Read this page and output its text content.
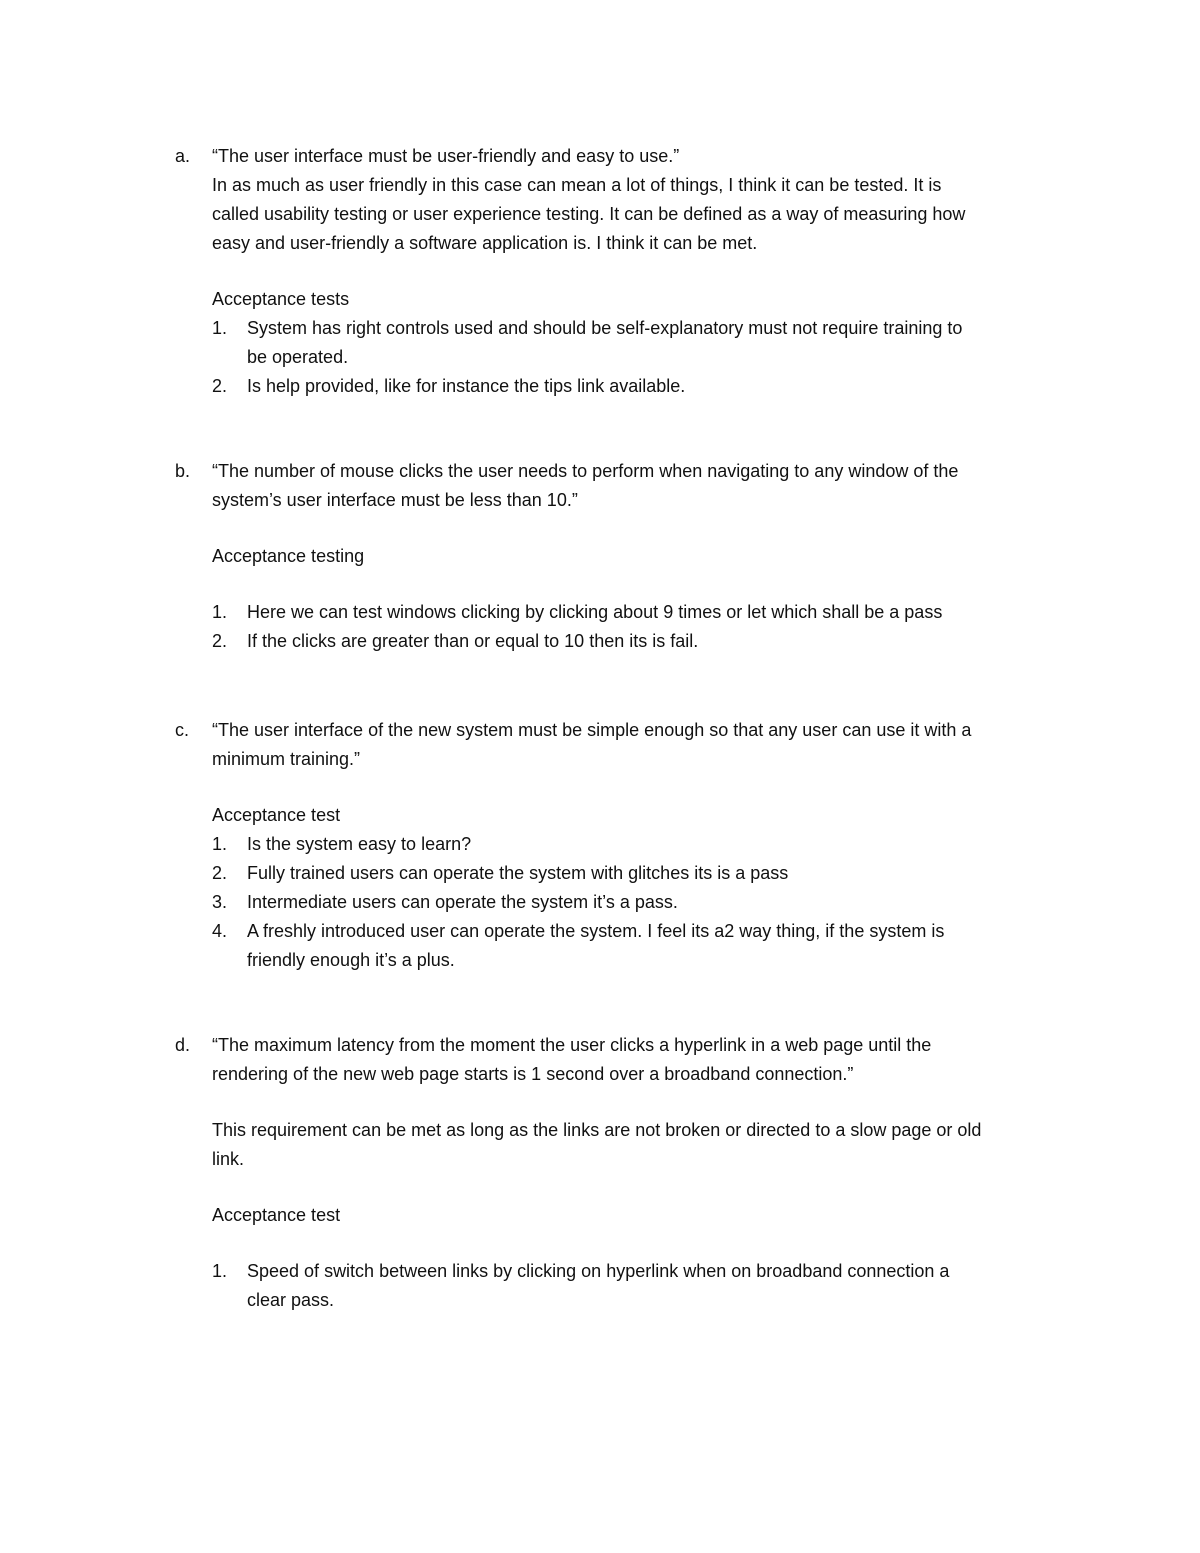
a. “The user interface must be user-friendly and easy to use.”
In as much as user friendly in this case can mean a lot of things, I think it can be tested. It is
called usability testing or user experience testing. It can be defined as a way of measuring how
easy and user-friendly a software application is. I think it can be met.
Acceptance tests
1. System has right controls used and should be self-explanatory must not require training to
be operated.
2. Is help provided, like for instance the tips link available.
b. “The number of mouse clicks the user needs to perform when navigating to any window of the
system’s user interface must be less than 10.”
Acceptance testing
1. Here we can test windows clicking by clicking about 9 times or let which shall be a pass
2. If the clicks are greater than or equal to 10 then its is fail.
c. “The user interface of the new system must be simple enough so that any user can use it with a
minimum training.”
Acceptance test
1. Is the system easy to learn?
2. Fully trained users can operate the system with glitches its is a pass
3. Intermediate users can operate the system it’s a pass.
4. A freshly introduced user can operate the system. I feel its a2 way thing, if the system is
friendly enough it’s a plus.
d. “The maximum latency from the moment the user clicks a hyperlink in a web page until the
rendering of the new web page starts is 1 second over a broadband connection.”
This requirement can be met as long as the links are not broken or directed to a slow page or old
link.
Acceptance test
1. Speed of switch between links by clicking on hyperlink when on broadband connection a
clear pass.
